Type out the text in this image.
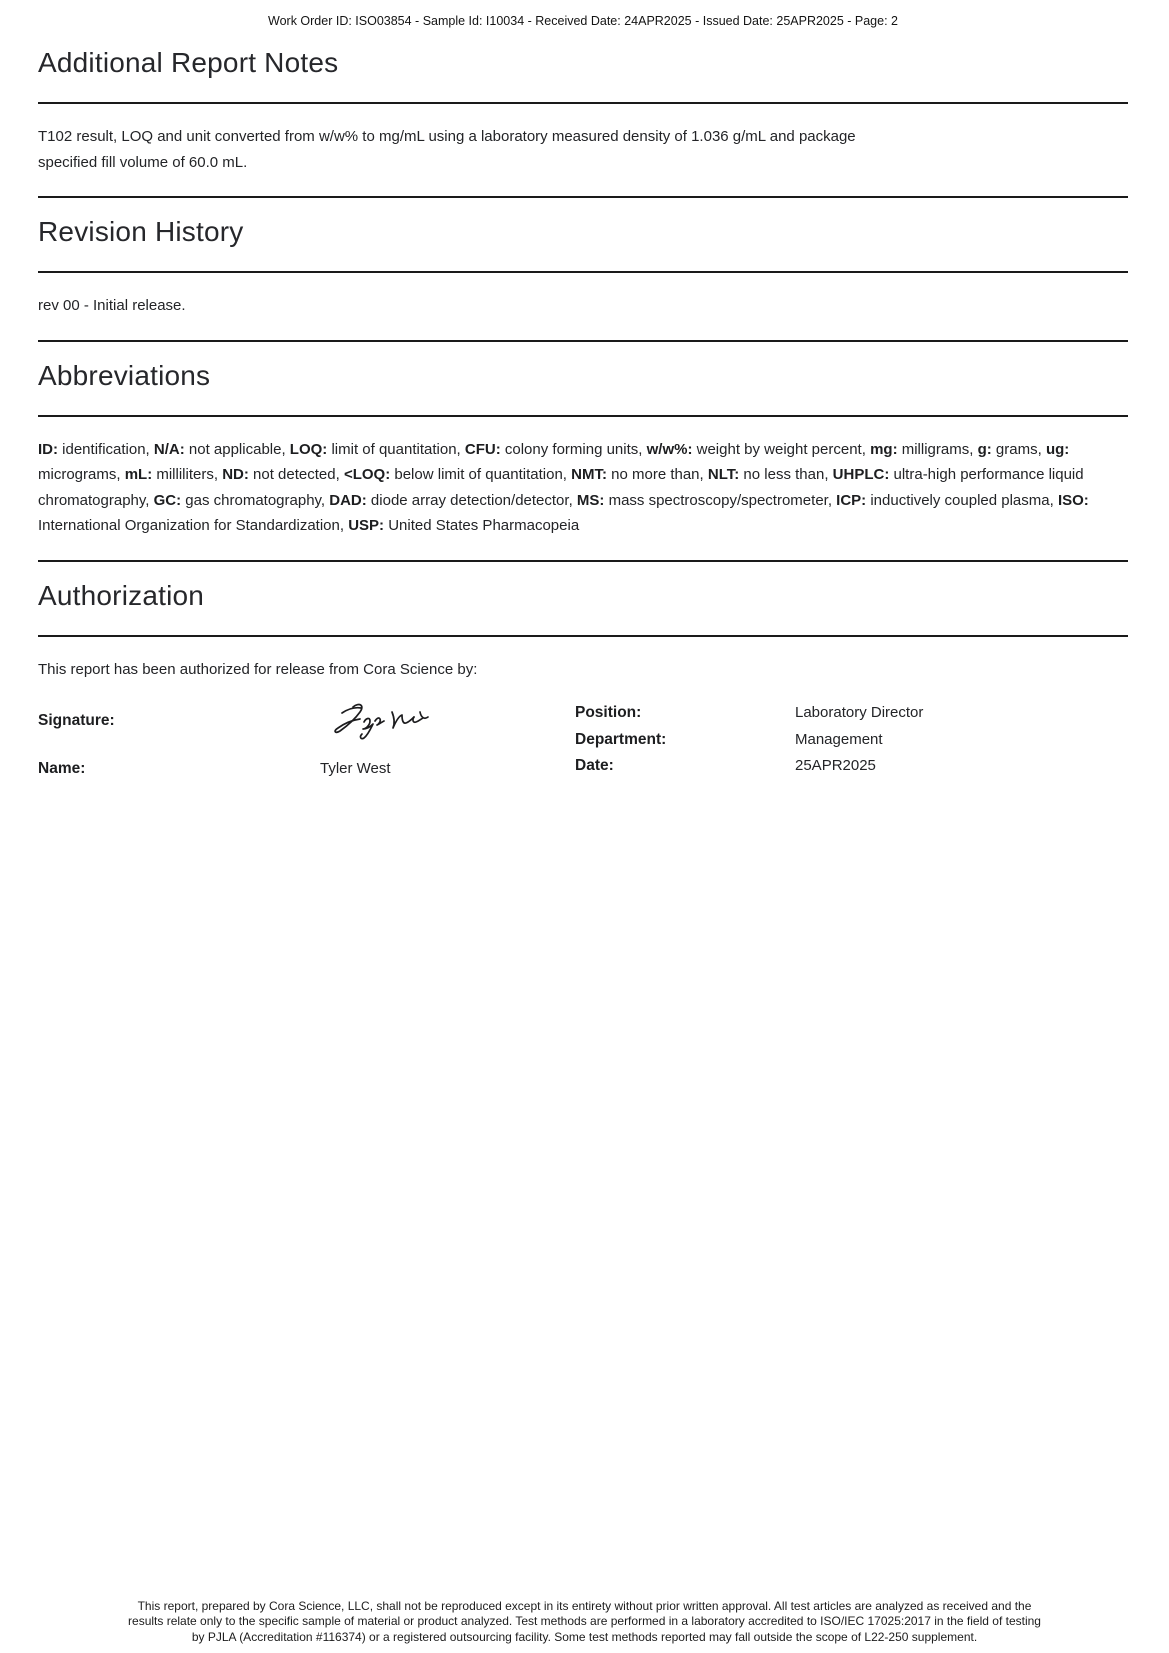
Work Order ID: ISO03854 - Sample Id: I10034 - Received Date: 24APR2025 - Issued Date: 25APR2025 - Page: 2
Additional Report Notes
T102 result, LOQ and unit converted from w/w% to mg/mL using a laboratory measured density of 1.036 g/mL and package
specified fill volume of 60.0 mL.
Revision History
rev 00 - Initial release.
Abbreviations
ID: identification, N/A: not applicable, LOQ: limit of quantitation, CFU: colony forming units, w/w%: weight by weight percent, mg: milligrams, g: grams, ug: micrograms, mL: milliliters, ND: not detected, <LOQ: below limit of quantitation, NMT: no more than, NLT: no less than, UHPLC: ultra-high performance liquid chromatography, GC: gas chromatography, DAD: diode array detection/detector, MS: mass spectroscopy/spectrometer, ICP: inductively coupled plasma, ISO: International Organization for Standardization, USP: United States Pharmacopeia
Authorization
This report has been authorized for release from Cora Science by:
Signature:
Name:	Tyler West
Position:	Laboratory Director
Department:	Management
Date:	25APR2025
This report, prepared by Cora Science, LLC, shall not be reproduced except in its entirety without prior written approval. All test articles are analyzed as received and the
results relate only to the specific sample of material or product analyzed. Test methods are performed in a laboratory accredited to ISO/IEC 17025:2017 in the field of testing
by PJLA (Accreditation #116374) or a registered outsourcing facility. Some test methods reported may fall outside the scope of L22-250 supplement.
